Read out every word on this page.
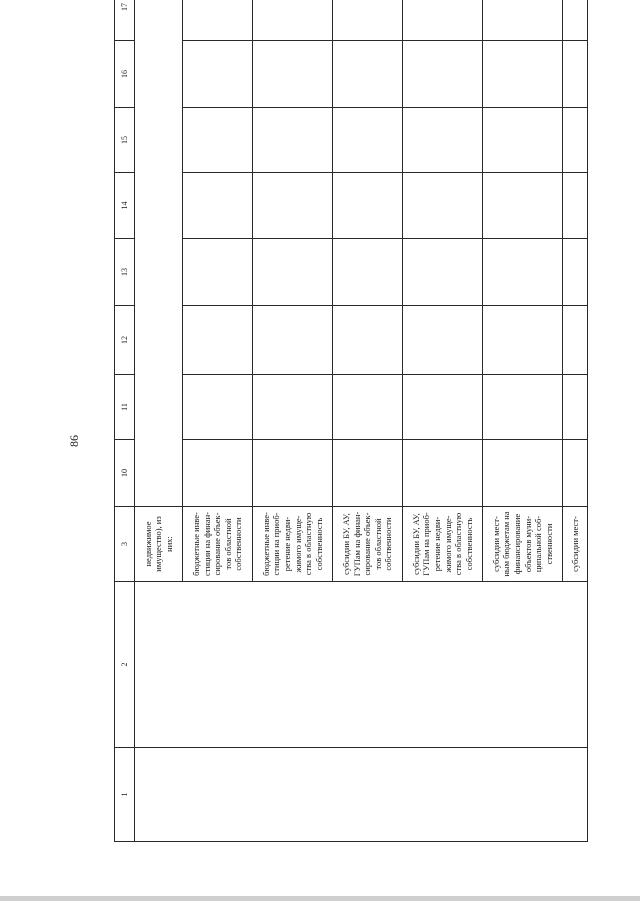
86
1	2	3	10	11	12	13	14	15	16	17	

		недвижимое имущество), из них:									

		бюджетные инве-стиции на финан-сирование объек-тов областной собственности									

		бюджетные инве-стиции на приоб-ретение недви-жимого имуще-ства в областную собственность									

		субсидии БУ, АУ, ГУПам на финан-сирование объек-тов областной собственности									

		субсидии БУ, АУ, ГУПам на приоб-ретение недви-жимого имуще-ства в областную собственность									

		субсидии мест-ным бюджетам на финансирование объектов муни-ципальной соб-ственности									

		субсидии мест-									
